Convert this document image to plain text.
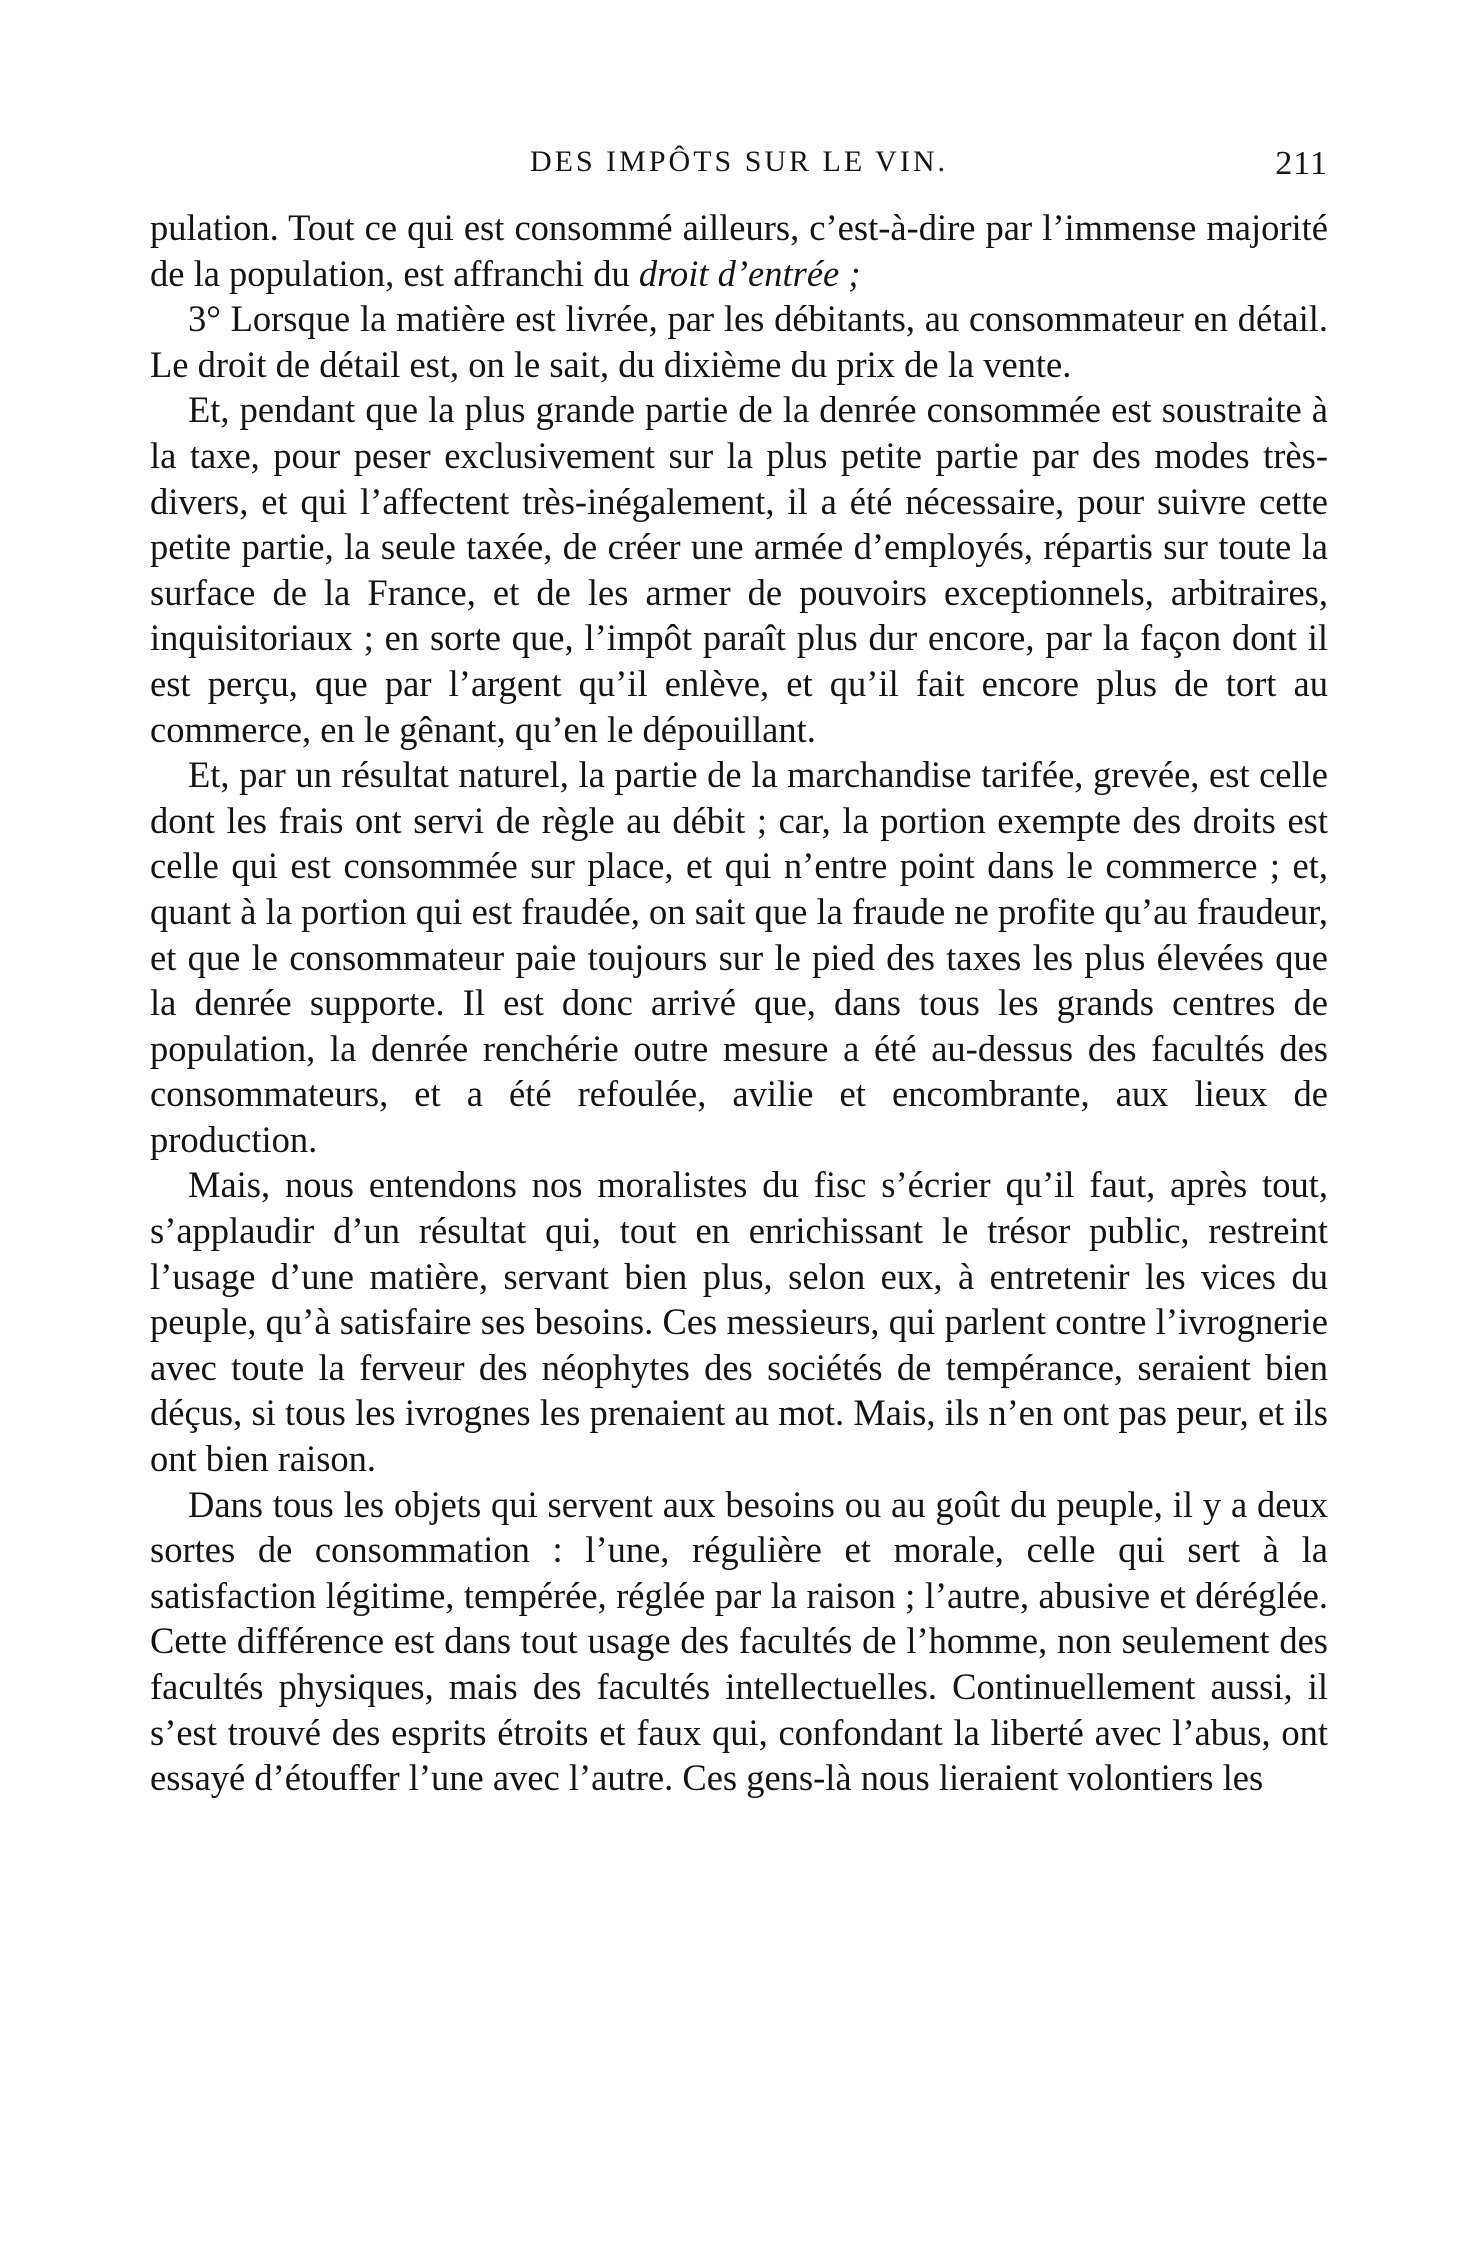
DES IMPÔTS SUR LE VIN.	211

pulation. Tout ce qui est consommé ailleurs, c’est-à-dire par l’immense majorité de la population, est affranchi du droit d’entrée ;

3° Lorsque la matière est livrée, par les débitants, au consommateur en détail. Le droit de détail est, on le sait, du dixième du prix de la vente.

Et, pendant que la plus grande partie de la denrée consommée est soustraite à la taxe, pour peser exclusivement sur la plus petite partie par des modes très-divers, et qui l’affectent très-inégalement, il a été nécessaire, pour suivre cette petite partie, la seule taxée, de créer une armée d’employés, répartis sur toute la surface de la France, et de les armer de pouvoirs exceptionnels, arbitraires, inquisitoriaux ; en sorte que, l’impôt paraît plus dur encore, par la façon dont il est perçu, que par l’argent qu’il enlève, et qu’il fait encore plus de tort au commerce, en le gênant, qu’en le dépouillant.

Et, par un résultat naturel, la partie de la marchandise tarifée, grevée, est celle dont les frais ont servi de règle au débit ; car, la portion exempte des droits est celle qui est consommée sur place, et qui n’entre point dans le commerce ; et, quant à la portion qui est fraudée, on sait que la fraude ne profite qu’au fraudeur, et que le consommateur paie toujours sur le pied des taxes les plus élevées que la denrée supporte. Il est donc arrivé que, dans tous les grands centres de population, la denrée renchérie outre mesure a été au-dessus des facultés des consommateurs, et a été refoulée, avilie et encombrante, aux lieux de production.

Mais, nous entendons nos moralistes du fisc s’écrier qu’il faut, après tout, s’applaudir d’un résultat qui, tout en enrichissant le trésor public, restreint l’usage d’une matière, servant bien plus, selon eux, à entretenir les vices du peuple, qu’à satisfaire ses besoins. Ces messieurs, qui parlent contre l’ivrognerie avec toute la ferveur des néophytes des sociétés de tempérance, seraient bien déçus, si tous les ivrognes les prenaient au mot. Mais, ils n’en ont pas peur, et ils ont bien raison.

Dans tous les objets qui servent aux besoins ou au goût du peuple, il y a deux sortes de consommation : l’une, régulière et morale, celle qui sert à la satisfaction légitime, tempérée, réglée par la raison ; l’autre, abusive et déréglée. Cette différence est dans tout usage des facultés de l’homme, non seulement des facultés physiques, mais des facultés intellectuelles. Continuellement aussi, il s’est trouvé des esprits étroits et faux qui, confondant la liberté avec l’abus, ont essayé d’étouffer l’une avec l’autre. Ces gens-là nous lieraient volontiers les
